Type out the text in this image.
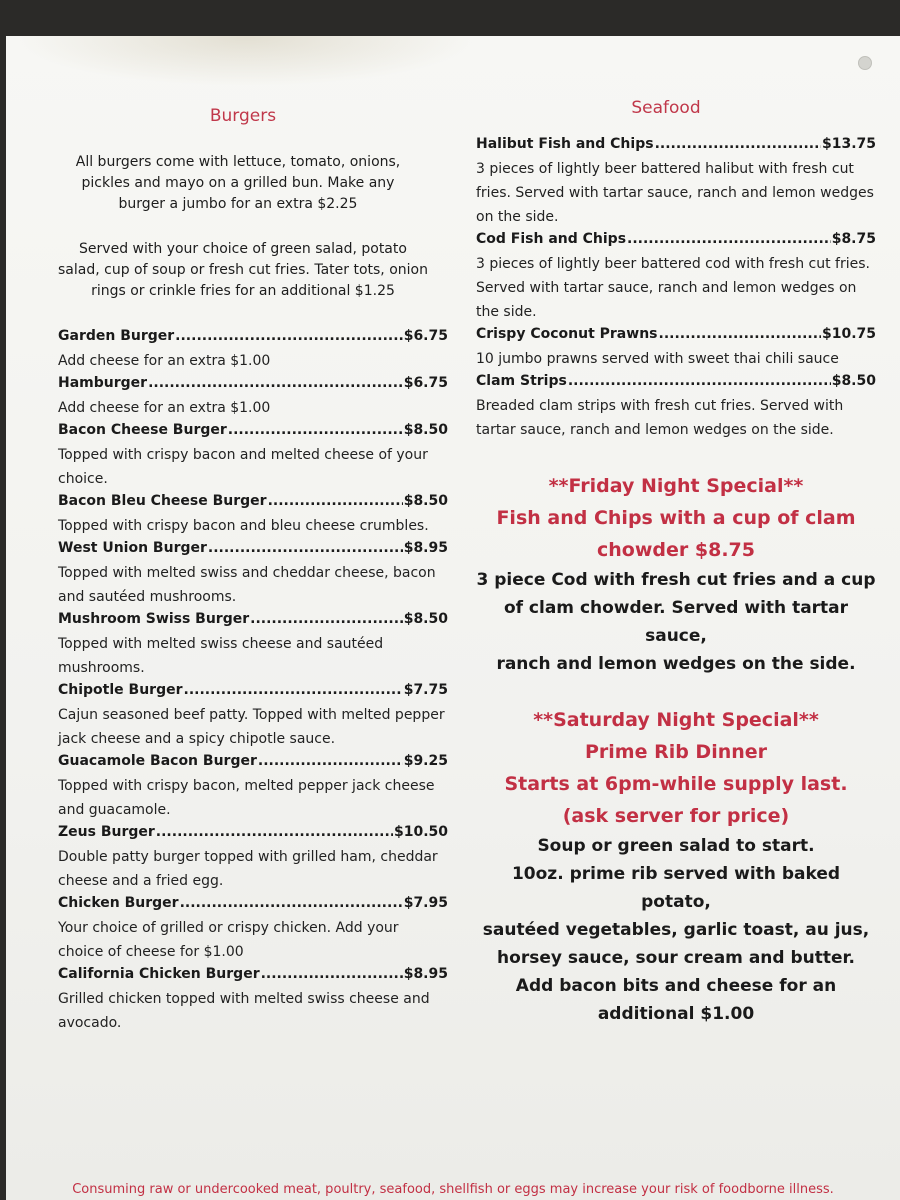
Burgers

All burgers come with lettuce, tomato, onions, pickles and mayo on a grilled bun. Make any burger a jumbo for an extra $2.25

Served with your choice of green salad, potato salad, cup of soup or fresh cut fries. Tater tots, onion rings or crinkle fries for an additional $1.25

Garden Burger .....	$6.75

Add cheese for an extra $1.00

Hamburger .....	$6.75

Add cheese for an extra $1.00

Bacon Cheese Burger .....	$8.50

Topped with crispy bacon and melted cheese of your choice.

Bacon Bleu Cheese Burger .....	$8.50

Topped with crispy bacon and bleu cheese crumbles.

West Union Burger .....	$8.95

Topped with melted swiss and cheddar cheese, bacon and sautéed mushrooms.

Mushroom Swiss Burger .....	$8.50

Topped with melted swiss cheese and sautéed mushrooms.

Chipotle Burger .....	$7.75

Cajun seasoned beef patty. Topped with melted pepper jack cheese and a spicy chipotle sauce.

Guacamole Bacon Burger .....	$9.25

Topped with crispy bacon, melted pepper jack cheese and guacamole.

Zeus Burger .....	$10.50

Double patty burger topped with grilled ham, cheddar cheese and a fried egg.

Chicken Burger .....	$7.95

Your choice of grilled or crispy chicken. Add your choice of cheese for $1.00

California Chicken Burger .....	$8.95

Grilled chicken topped with melted swiss cheese and avocado.

Seafood

Halibut Fish and Chips .....	$13.75

3 pieces of lightly beer battered halibut with fresh cut fries. Served with tartar sauce, ranch and lemon wedges on the side.

Cod Fish and Chips .....	$8.75

3 pieces of lightly beer battered cod with fresh cut fries. Served with tartar sauce, ranch and lemon wedges on the side.

Crispy Coconut Prawns .....	$10.75

10 jumbo prawns served with sweet thai chili sauce

Clam Strips .....	$8.50

Breaded clam strips with fresh cut fries. Served with tartar sauce, ranch and lemon wedges on the side.

**Friday Night Special**
Fish and Chips with a cup of clam
chowder $8.75
3 piece Cod with fresh cut fries and a cup
of clam chowder. Served with tartar sauce,
ranch and lemon wedges on the side.
**Saturday Night Special**
Prime Rib Dinner
Starts at 6pm-while supply last.
(ask server for price)
Soup or green salad to start.
10oz. prime rib served with baked potato,
sautéed vegetables, garlic toast, au jus,
horsey sauce, sour cream and butter.
Add bacon bits and cheese for an
additional $1.00
Consuming raw or undercooked meat, poultry, seafood, shellfish or eggs may increase your risk of foodborne illness.
